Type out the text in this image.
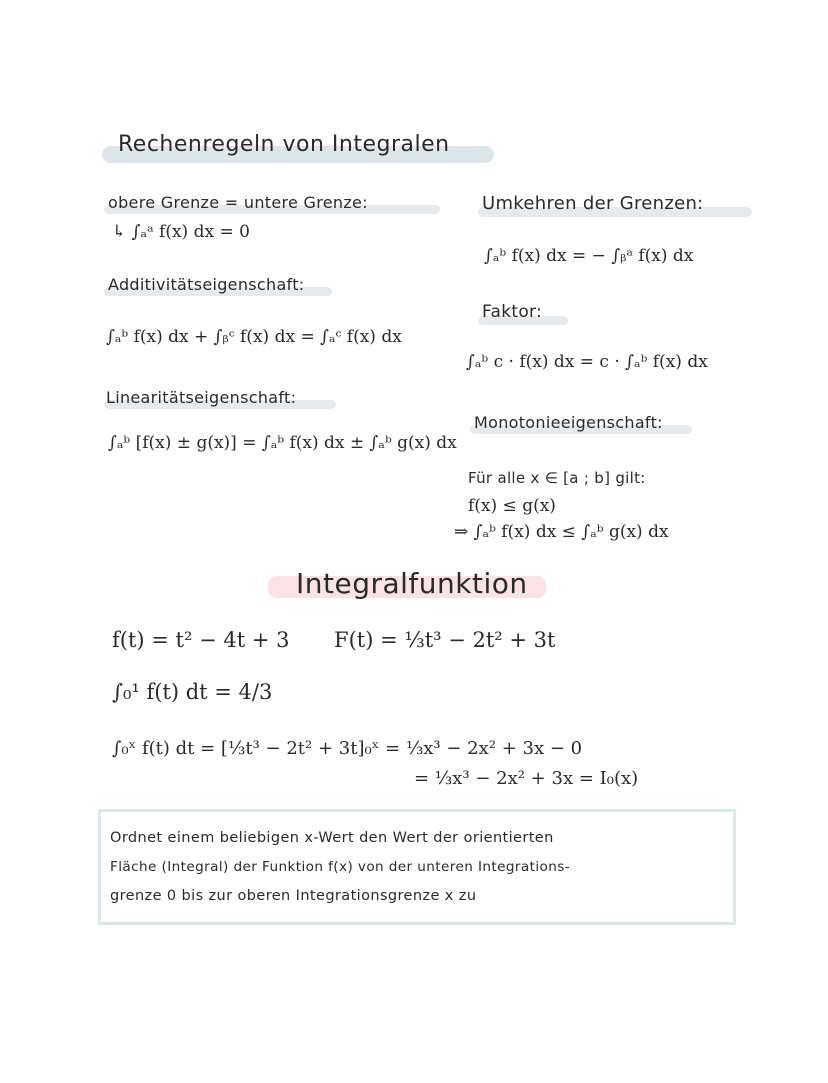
Rechenregeln von Integralen
obere Grenze = untere Grenze:
↳ ∫ₐᵃ f(x) dx = 0
Additivitätseigenschaft:
∫ₐᵇ f(x) dx + ∫ᵦᶜ f(x) dx = ∫ₐᶜ f(x) dx
Linearitätseigenschaft:
∫ₐᵇ [f(x) ± g(x)] = ∫ₐᵇ f(x) dx ± ∫ₐᵇ g(x) dx
Umkehren der Grenzen:
∫ₐᵇ f(x) dx = − ∫ᵦᵃ f(x) dx
Faktor:
∫ₐᵇ c · f(x) dx = c · ∫ₐᵇ f(x) dx
Monotonieeigenschaft:
Für alle x ∈ [a ; b] gilt:
f(x) ≤ g(x)
⇒ ∫ₐᵇ f(x) dx ≤ ∫ₐᵇ g(x) dx
Integralfunktion
f(t) = t² − 4t + 3 F(t) = ⅓t³ − 2t² + 3t
∫₀¹ f(t) dt = 4/3
∫₀ˣ f(t) dt = [⅓t³ − 2t² + 3t]₀ˣ = ⅓x³ − 2x² + 3x − 0
= ⅓x³ − 2x² + 3x = I₀(x)
Ordnet einem beliebigen x-Wert den Wert der orientierten
Fläche (Integral) der Funktion f(x) von der unteren Integrations-
grenze 0 bis zur oberen Integrationsgrenze x zu
